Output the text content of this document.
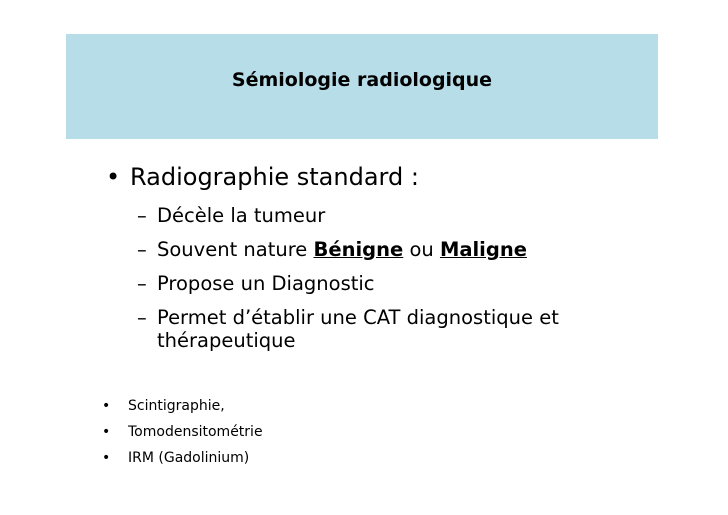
Sémiologie radiologique
• Radiographie standard :
– Décèle la tumeur
– Souvent nature Bénigne ou Maligne
– Propose un Diagnostic
– Permet d’établir une CAT diagnostique et
thérapeutique
• Scintigraphie,
• Tomodensitométrie
• IRM (Gadolinium)
